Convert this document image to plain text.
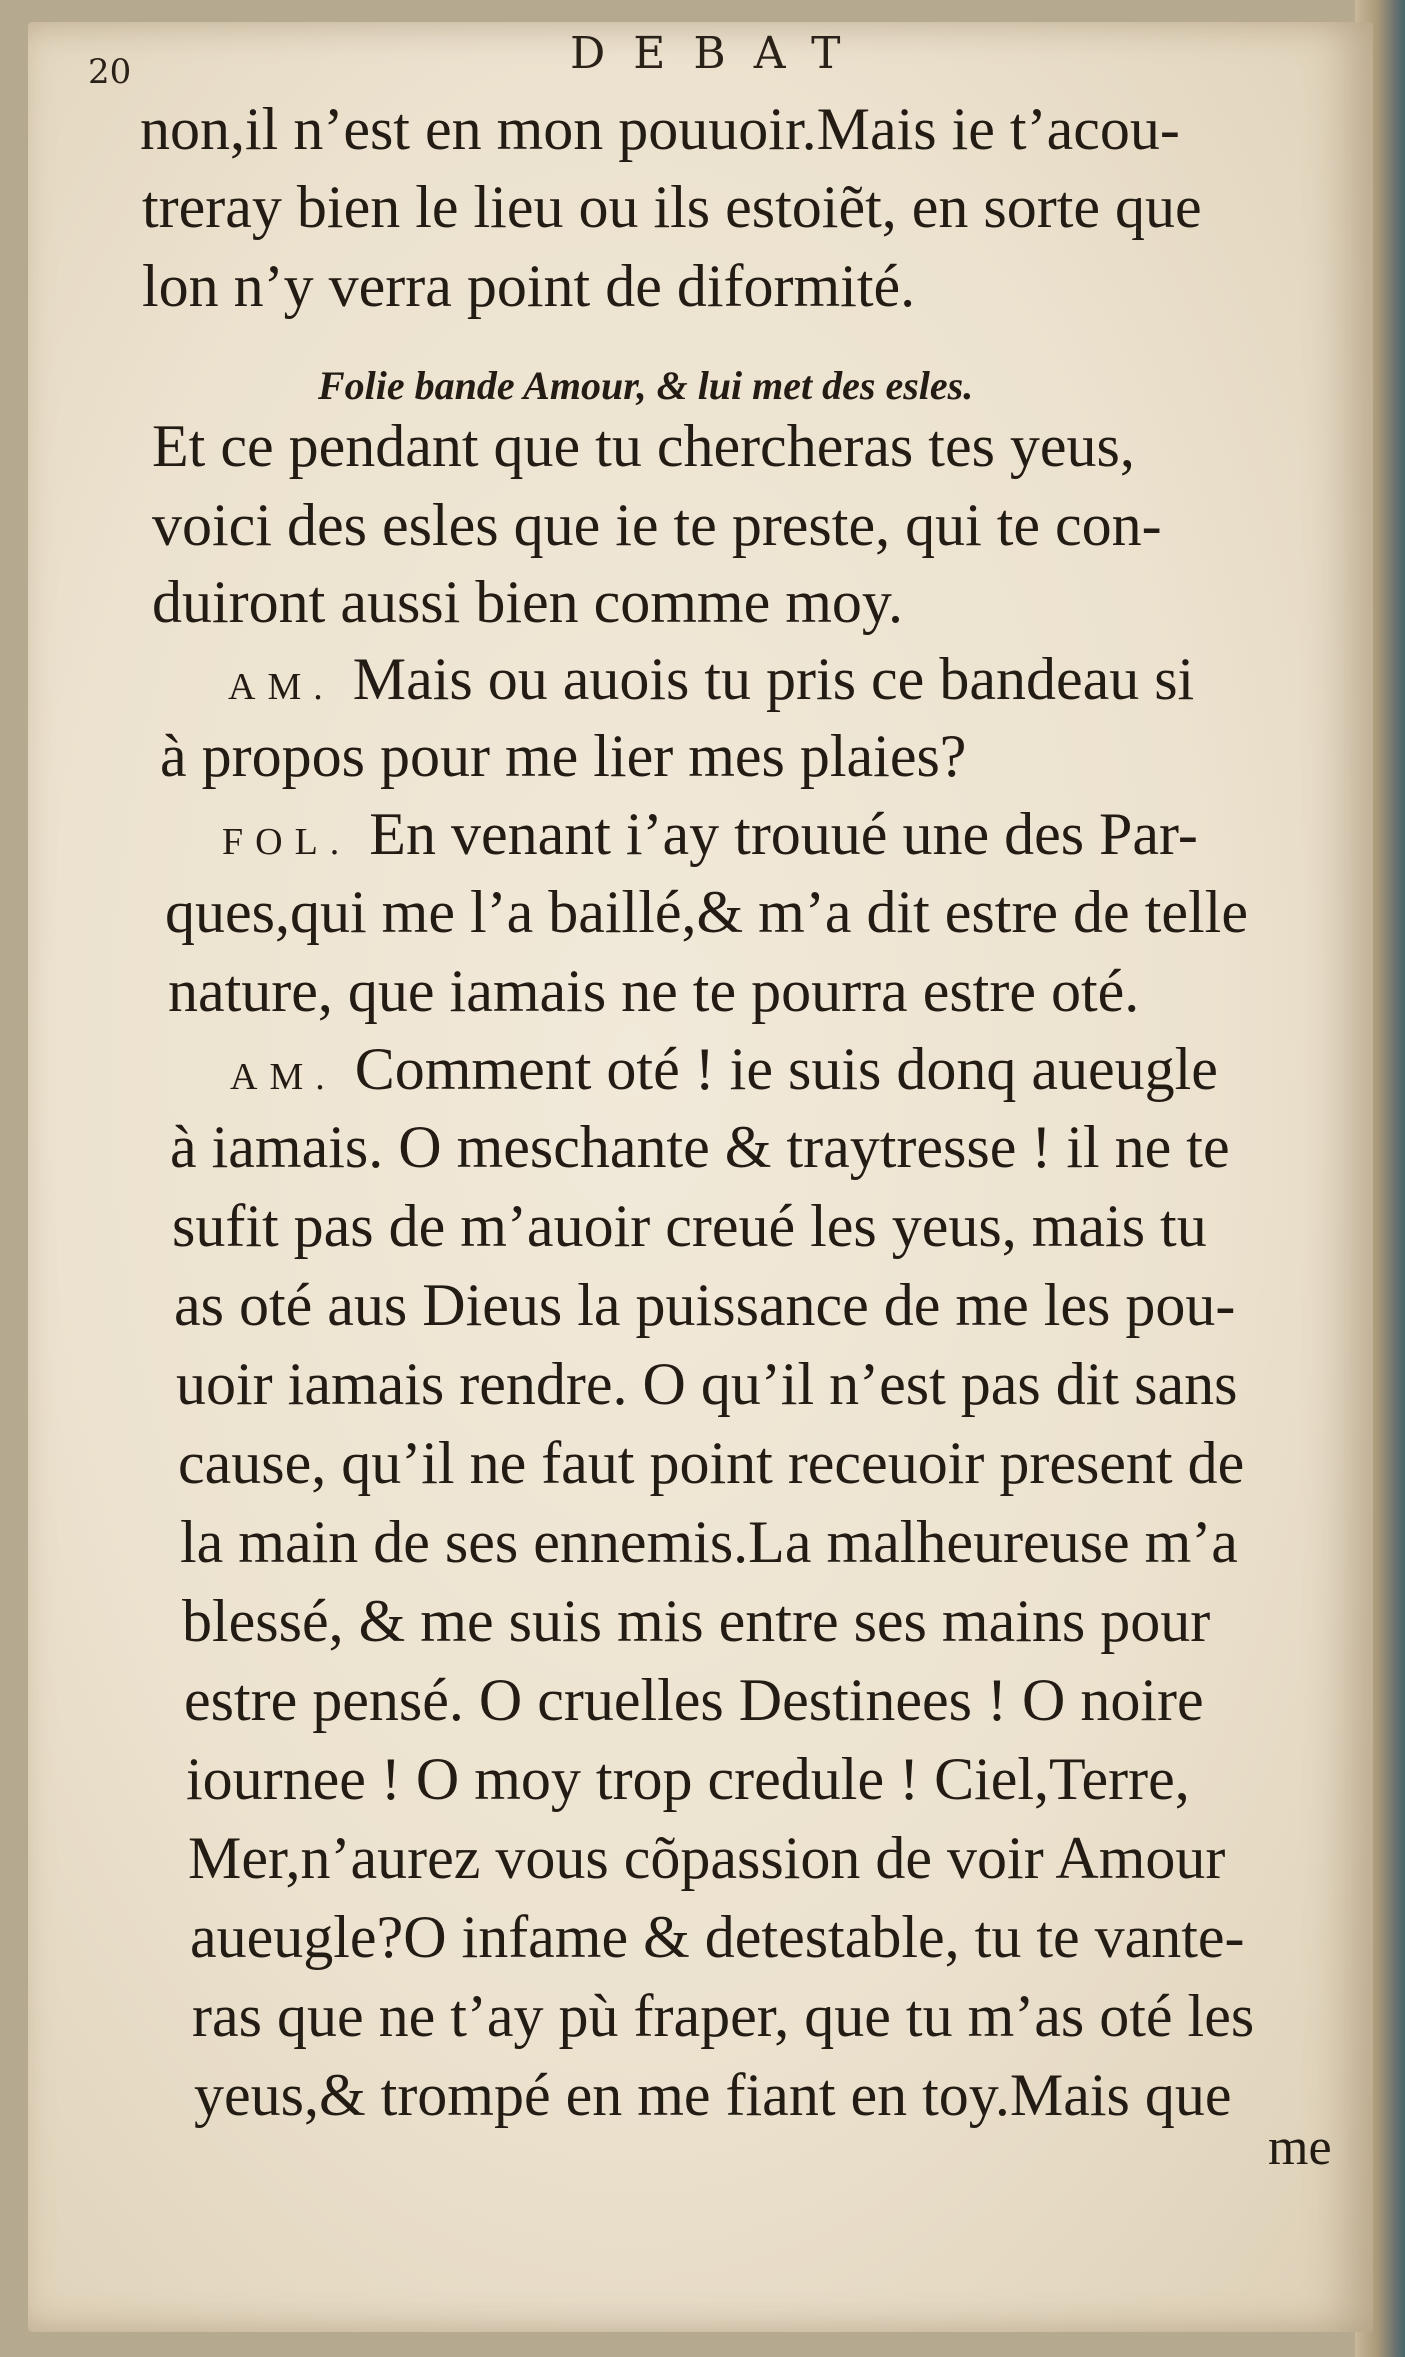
20	DEBAT
non,il n’est en mon pouuoir.Mais ie t’acou-
treray bien le lieu ou ils estoiẽt, en sorte que
lon n’y verra point de diformité.
Folie bande Amour, & lui met des esles.
Et ce pendant que tu chercheras tes yeus,
voici des esles que ie te preste, qui te con-
duiront aussi bien comme moy.
AM. Mais ou auois tu pris ce bandeau si
à propos pour me lier mes plaies?
FOL. En venant i’ay trouué une des Par-
ques,qui me l’a baillé,& m’a dit estre de telle
nature, que iamais ne te pourra estre oté.
AM. Comment oté ! ie suis donq aueugle
à iamais. O meschante & traytresse ! il ne te
sufit pas de m’auoir creué les yeus, mais tu
as oté aus Dieus la puissance de me les pou-
uoir iamais rendre. O qu’il n’est pas dit sans
cause, qu’il ne faut point receuoir present de
la main de ses ennemis.La malheureuse m’a
blessé, & me suis mis entre ses mains pour
estre pensé. O cruelles Destinees ! O noire
iournee ! O moy trop credule ! Ciel,Terre,
Mer,n’aurez vous cõpassion de voir Amour
aueugle?O infame & detestable, tu te vante-
ras que ne t’ay pù fraper, que tu m’as oté les
yeus,& trompé en me fiant en toy.Mais que
me
